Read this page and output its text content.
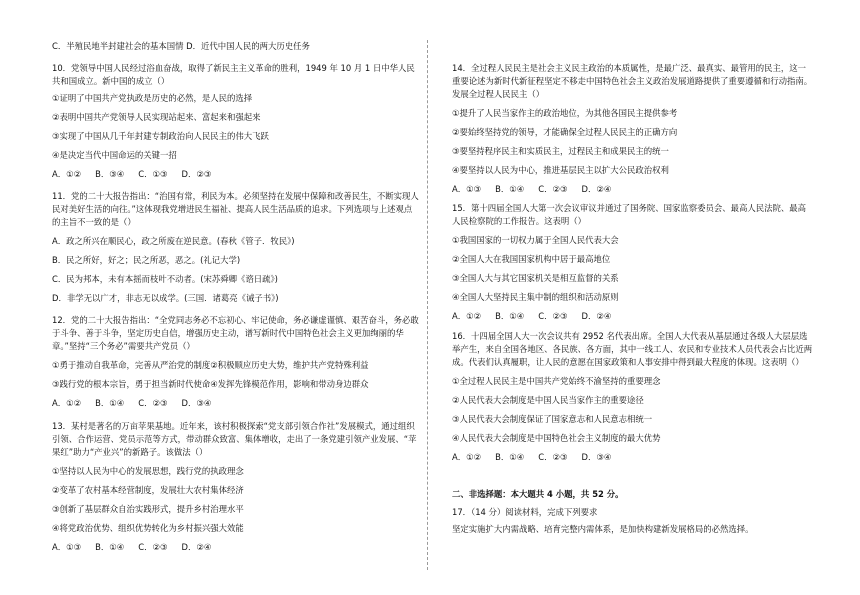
C．半殖民地半封建社会的基本国情 D．近代中国人民的两大历史任务

10．党领导中国人民经过浴血奋战，取得了新民主主义革命的胜利，1949 年 10 月 1 日中华人民共和国成立。新中国的成立（）

①证明了中国共产党执政是历史的必然，是人民的选择

②表明中国共产党领导人民实现站起来、富起来和强起来

③实现了中国从几千年封建专制政治向人民民主的伟大飞跃

④是决定当代中国命运的关键一招

A．①② B．③④ C．①③ D．②③

11．党的二十大报告指出：“治国有常，利民为本。必须坚持在发展中保障和改善民生，不断实现人民对美好生活的向往。”这体现我党增进民生福祉、提高人民生活品质的追求。下列选项与上述观点的主旨不一致的是（）

A．政之所兴在顺民心，政之所废在逆民意。(春秋《管子．牧民》)

B．民之所好，好之；民之所恶，恶之。(礼记大学)

C．民为邦本，未有本摇而枝叶不动者。(宋苏舜卿《谘日疏》)

D．非学无以广才，非志无以成学。(三国．诸葛亮《诫子书》)

12．党的二十大报告指出：“全党同志务必不忘初心、牢记使命，务必谦虚谨慎、艰苦奋斗，务必敢于斗争、善于斗争，坚定历史自信，增强历史主动，谱写新时代中国特色社会主义更加绚丽的华章。”坚持“三个务必”需要共产党员（）

①勇于推动自我革命，完善从严治党的制度②积极顺应历史大势，维护共产党特殊利益

③践行党的根本宗旨，勇于担当新时代使命④发挥先锋模范作用，影响和带动身边群众

A．①② B．①④ C．②③ D．③④

13．某村是著名的万亩苹果基地。近年来，该村积极探索“党支部引领合作社”发展模式，通过组织引领、合作运营、党员示范等方式，带动群众致富、集体增收，走出了一条党建引领产业发展、“苹果红”助力“产业兴”的新路子。该做法（）

①坚持以人民为中心的发展思想，践行党的执政理念

②变革了农村基本经营制度，发展壮大农村集体经济

③创新了基层群众自治实践形式，提升乡村治理水平

④将党政治优势、组织优势转化为乡村振兴强大效能

A．①③ B．①④ C．②③ D．②④

14．全过程人民民主是社会主义民主政治的本质属性，是最广泛、最真实、最管用的民主，这一重要论述为新时代新征程坚定不移走中国特色社会主义政治发展道路提供了重要遵循和行动指南。发展全过程人民民主（）

①提升了人民当家作主的政治地位，为其他各国民主提供参考

②要始终坚持党的领导，才能确保全过程人民民主的正确方向

③要坚持程序民主和实质民主，过程民主和成果民主的统一

④要坚持以人民为中心，推进基层民主以扩大公民政治权利

A．①③ B．①④ C．②③ D．②④

15．第十四届全国人大第一次会议审议并通过了国务院、国家监察委员会、最高人民法院、最高人民检察院的工作报告。这表明（）

①我国国家的一切权力属于全国人民代表大会

②全国人大在我国国家机构中居于最高地位

③全国人大与其它国家机关是相互监督的关系

④全国人大坚持民主集中制的组织和活动原则

A．①② B．①④ C．②③ D．②④

16．十四届全国人大一次会议共有 2952 名代表出席。全国人大代表从基层通过各级人大层层选举产生，来自全国各地区、各民族、各方面，其中一线工人、农民和专业技术人员代表会占比近两成。代表们认真履职，让人民的意愿在国家政策和人事安排中得到最大程度的体现。这表明（）

①全过程人民民主是中国共产党始终不渝坚持的重要理念

②人民代表大会制度是中国人民当家作主的重要途径

③人民代表大会制度保证了国家意志和人民意志相统一

④人民代表大会制度是中国特色社会主义制度的最大优势

A．①② B．①④ C．②③ D．③④

二、非选择题：本大题共 4 小题，共 52 分。

17．（14 分）阅读材料，完成下列要求

坚定实施扩大内需战略、培育完整内需体系，是加快构建新发展格局的必然选择。
